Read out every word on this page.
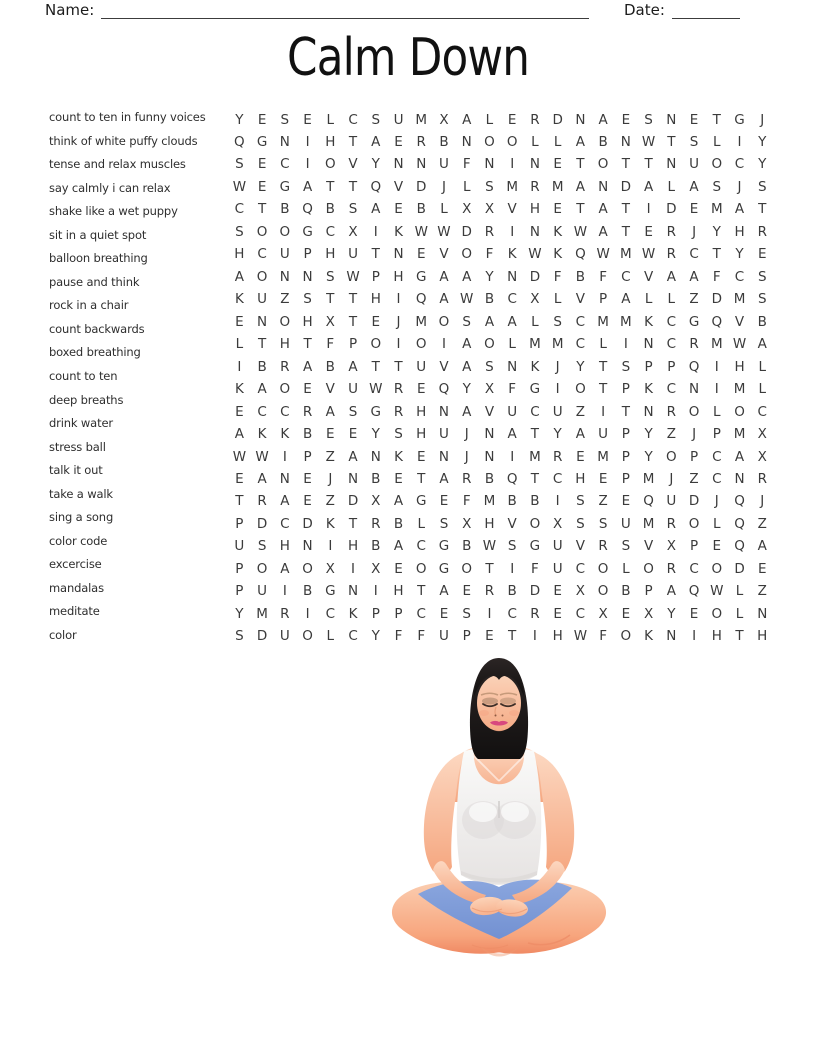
Name:	Date:
Calm Down
count to ten in funny voices
think of white puffy clouds
tense and relax muscles
say calmly i can relax
shake like a wet puppy
sit in a quiet spot
balloon breathing
pause and think
rock in a chair
count backwards
boxed breathing
count to ten
deep breaths
drink water
stress ball
talk it out
take a walk
sing a song
color code
excercise
mandalas
meditate
color
Y	E	S	E	L	C	S	U M X A	L	E	R D N A	E	S N E	T G	J
Q G N	I	H	T	A	E	R B N O O	L	L	A B N W T	S	L	I	Y
S	E	C	I	O V	Y	N N U	F	N	I	N E	T O T	T	N U O C	Y
W E G A	T	T Q V D	J	L	S M R M A N D A	L	A	S	J	S
C	T	B Q B	S	A	E	B	L	X X V H E	T	A	T	I	D E M A	T
S O O G C X	I	K W W D R	I	N K W A	T	E	R	J	Y	H R
H C U	P	H U	T	N E	V O	F	K W K Q W M W R C	T	Y	E
A O N N S W P	H G A A	Y	N D	F	B	F	C V A A	F	C	S
K U Z	S	T	T	H	I	Q A W B C X	L	V	P	A	L	L	Z D M S
E N O H X	T	E	J	M O S	A A	L	S	C M M K	C G Q V B
L	T	H	T	F	P O	I	O	I	A O	L M M C	L	I	N C R M W A
I	B R A B A	T	T	U V A	S N K	J	Y	T	S	P	P Q	I	H	L
K	A O E	V U W R	E Q Y	X	F	G	I	O T	P	K	C N	I	M L
E	C C R A	S G R H N A V U C U Z	I	T	N R O	L	O C
A	K	K	B	E	E	Y	S H U	J	N A	T	Y	A U	P	Y	Z	J	P M X
W W	I	P	Z A N K	E N	J	N	I	M R	E M P	Y O P	C A X
E	A N E	J	N B	E	T	A R B Q T	C H E	P M	J	Z C N R
T	R A	E	Z D X A G E	F M B B	I	S	Z	E Q U D	J	Q	J
P D C D K	T	R B	L	S	X H V O X	S	S	U M R O	L	Q Z
U	S H N	I	H B A C G B W S G U V R	S	V X	P	E Q A
P O A O X	I	X	E O G O T	I	F	U C O	L	O R C O D E
P	U	I	B G N	I	H	T	A	E	R B D E	X O B	P	A Q W L	Z
Y M R	I	C	K	P	P	C	E	S	I	C R	E	C X	E	X	Y	E O	L	N
S D U O	L	C	Y	F	F	U	P	E	T	I	H W F	O K N	I	H	T	H
